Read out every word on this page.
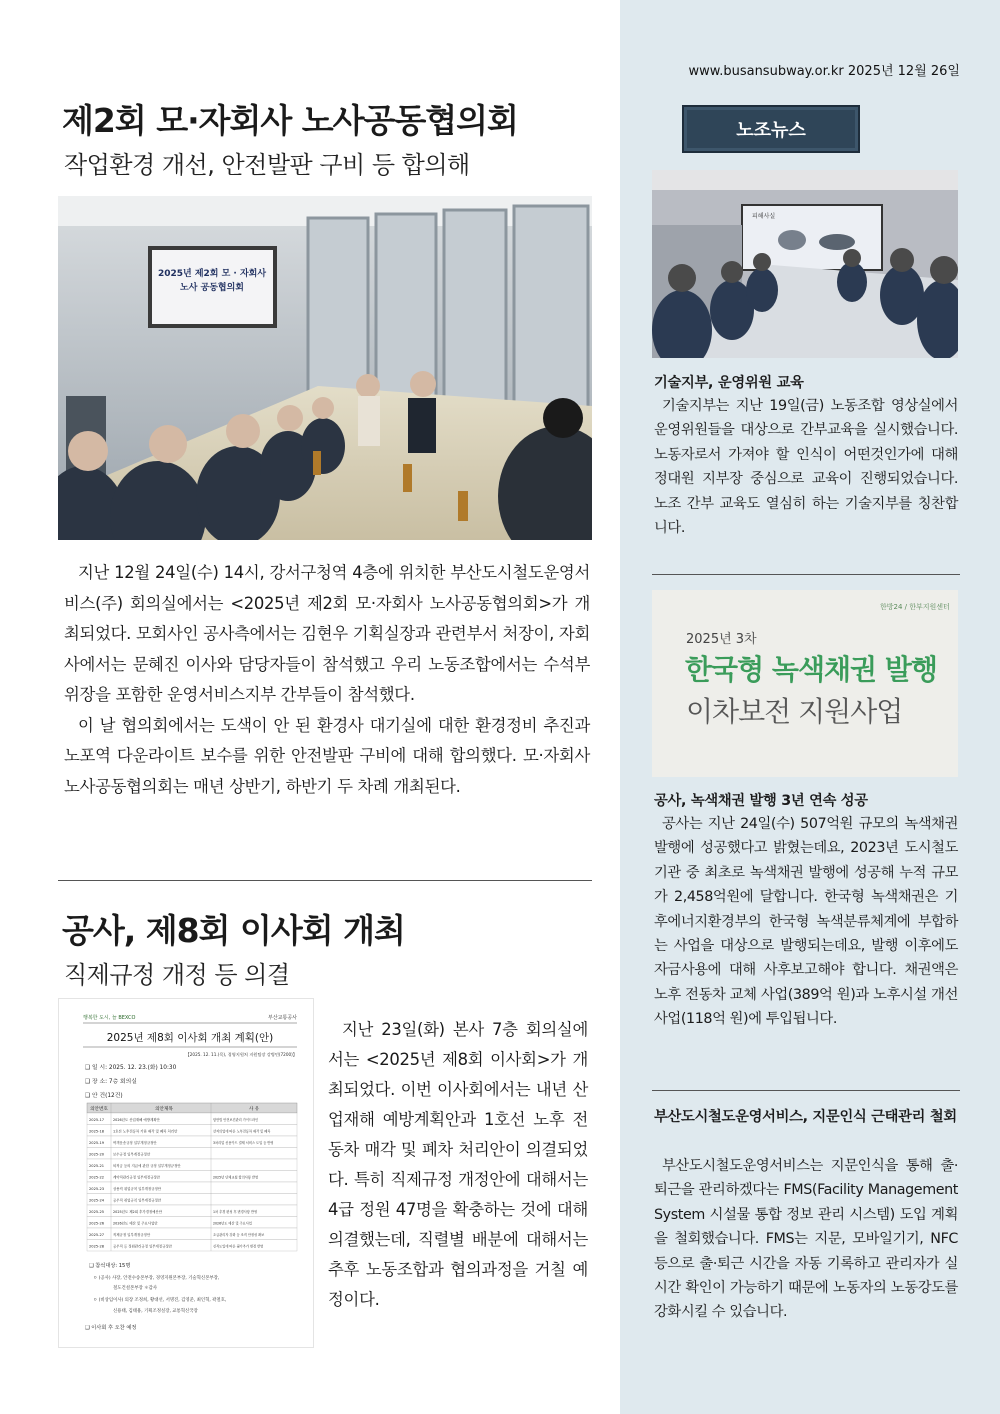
제2회 모·자회사 노사공동협의회
작업환경 개선, 안전발판 구비 등 합의해
2025년 제2회 모 · 자회사
노사 공동협의회

지난 12월 24일(수) 14시, 강서구청역 4층에 위치한 부산도시철도운영서비스(주) 회의실에서는 <2025년 제2회 모·자회사 노사공동협의회>가 개최되었다. 모회사인 공사측에서는 김현우 기획실장과 관련부서 처장이, 자회사에서는 문혜진 이사와 담당자들이 참석했고 우리 노동조합에서는 수석부위장을 포함한 운영서비스지부 간부들이 참석했다.

이 날 협의회에서는 도색이 안 된 환경사 대기실에 대한 환경정비 추진과 노포역 다운라이트 보수를 위한 안전발판 구비에 대해 합의했다. 모·자회사 노사공동협의회는 매년 상반기, 하반기 두 차례 개최된다.

공사, 제8회 이사회 개최
직제규정 개정 등 의결
행복한 도시, 늘 BEXCO	부산교통공사
2025년 제8회 이사회 개최 계획(안)
【2025. 12. 11.(목), 경영지원처 지원팀장 강병민(7200)】
❑ 일 시: 2025. 12. 23.(화) 10:30
❑ 장 소: 7층 회의실
❑ 안 건(12건)
의안번호	의안제목	사 유
2025-17	2026년도 산업재해 예방계획안	항만법 안전보건관리 가이드라인
2025-18	1호선 노후전동차 기한 매각 및 폐차 처리안	산자의업에 따른 노후전동차 매각 및 폐차
2025-19	여객운송규정 일부개정규정안	3차리업 신용카드 결제 서비스 도입 등 반영
2025-20	보수규정 일부개정규정안
2025-21	퇴직금 등의 지급에 관한 규정 일부개정규정안
2025-22	계약직관리규정 일부개정규정안	2025년 단체교섭 합의사항 반영
2025-23	상용직 취업규칙 일부개정규정안
2025-24	공무직 취업규칙 일부개정규정안
2025-25	2025년도 제2회 추가경정예산안	1차 추경 편성 후 변경사항 반영
2025-26	2026년도 예산 및 주요사업안	2026년도 예산 및 주요사업
2025-27	직제규정 일부개정규정안	초급관리자 강화 등 조직 안정성 확보
2025-28	공무직 등 정원관리규정 일부개정규정안	신직도입에 따른 필수추가 변경 반영
❑ 참석대상: 15명
ㅇ (공사) 사장, 안전수송본부장, 경영지원본부장, 기술혁신본부장,
철도건설본부장 ＊감사
ㅇ (비상임이사) 의장 조정희, 황대선, 서명진, 김영준, 최인혁, 곽철호,
신용태, 김태용, 기획조정실장, 교통혁신국장
❑ 이사회 후 오찬 예정

지난 23일(화) 본사 7층 회의실에서는 <2025년 제8회 이사회>가 개최되었다. 이번 이사회에서는 내년 산업재해 예방계획안과 1호선 노후 전동차 매각 및 폐차 처리안이 의결되었다. 특히 직제규정 개정안에 대해서는 4급 정원 47명을 확충하는 것에 대해 의결했는데, 직렬별 배분에 대해서는 추후 노동조합과 협의과정을 거칠 예정이다.

www.busansubway.or.kr 2025년 12월 26일
노조뉴스
피해사실
기술지부, 운영위원 교육

기술지부는 지난 19일(금) 노동조합 영상실에서 운영위원들을 대상으로 간부교육을 실시했습니다. 노동자로서 가져야 할 인식이 어떤것인가에 대해 정대원 지부장 중심으로 교육이 진행되었습니다. 노조 간부 교육도 열심히 하는 기술지부를 칭찬합니다.

한방24 / 한부지원센터
2025년 3차
한국형 녹색채권 발행
이차보전 지원사업
공사, 녹색채권 발행 3년 연속 성공

공사는 지난 24일(수) 507억원 규모의 녹색채권 발행에 성공했다고 밝혔는데요, 2023년 도시철도기관 중 최초로 녹색채권 발행에 성공해 누적 규모가 2,458억원에 달합니다. 한국형 녹색채권은 기후에너지환경부의 한국형 녹색분류체계에 부합하는 사업을 대상으로 발행되는데요, 발행 이후에도 자금사용에 대해 사후보고해야 합니다. 채권액은 노후 전동차 교체 사업(389억 원)과 노후시설 개선 사업(118억 원)에 투입됩니다.

부산도시철도운영서비스, 지문인식 근태관리 철회

부산도시철도운영서비스는 지문인식을 통해 출·퇴근을 관리하겠다는 FMS(Facility Management System 시설물 통합 정보 관리 시스템) 도입 계획을 철회했습니다. FMS는 지문, 모바일기기, NFC 등으로 출·퇴근 시간을 자동 기록하고 관리자가 실시간 확인이 가능하기 때문에 노동자의 노동강도를 강화시킬 수 있습니다.
